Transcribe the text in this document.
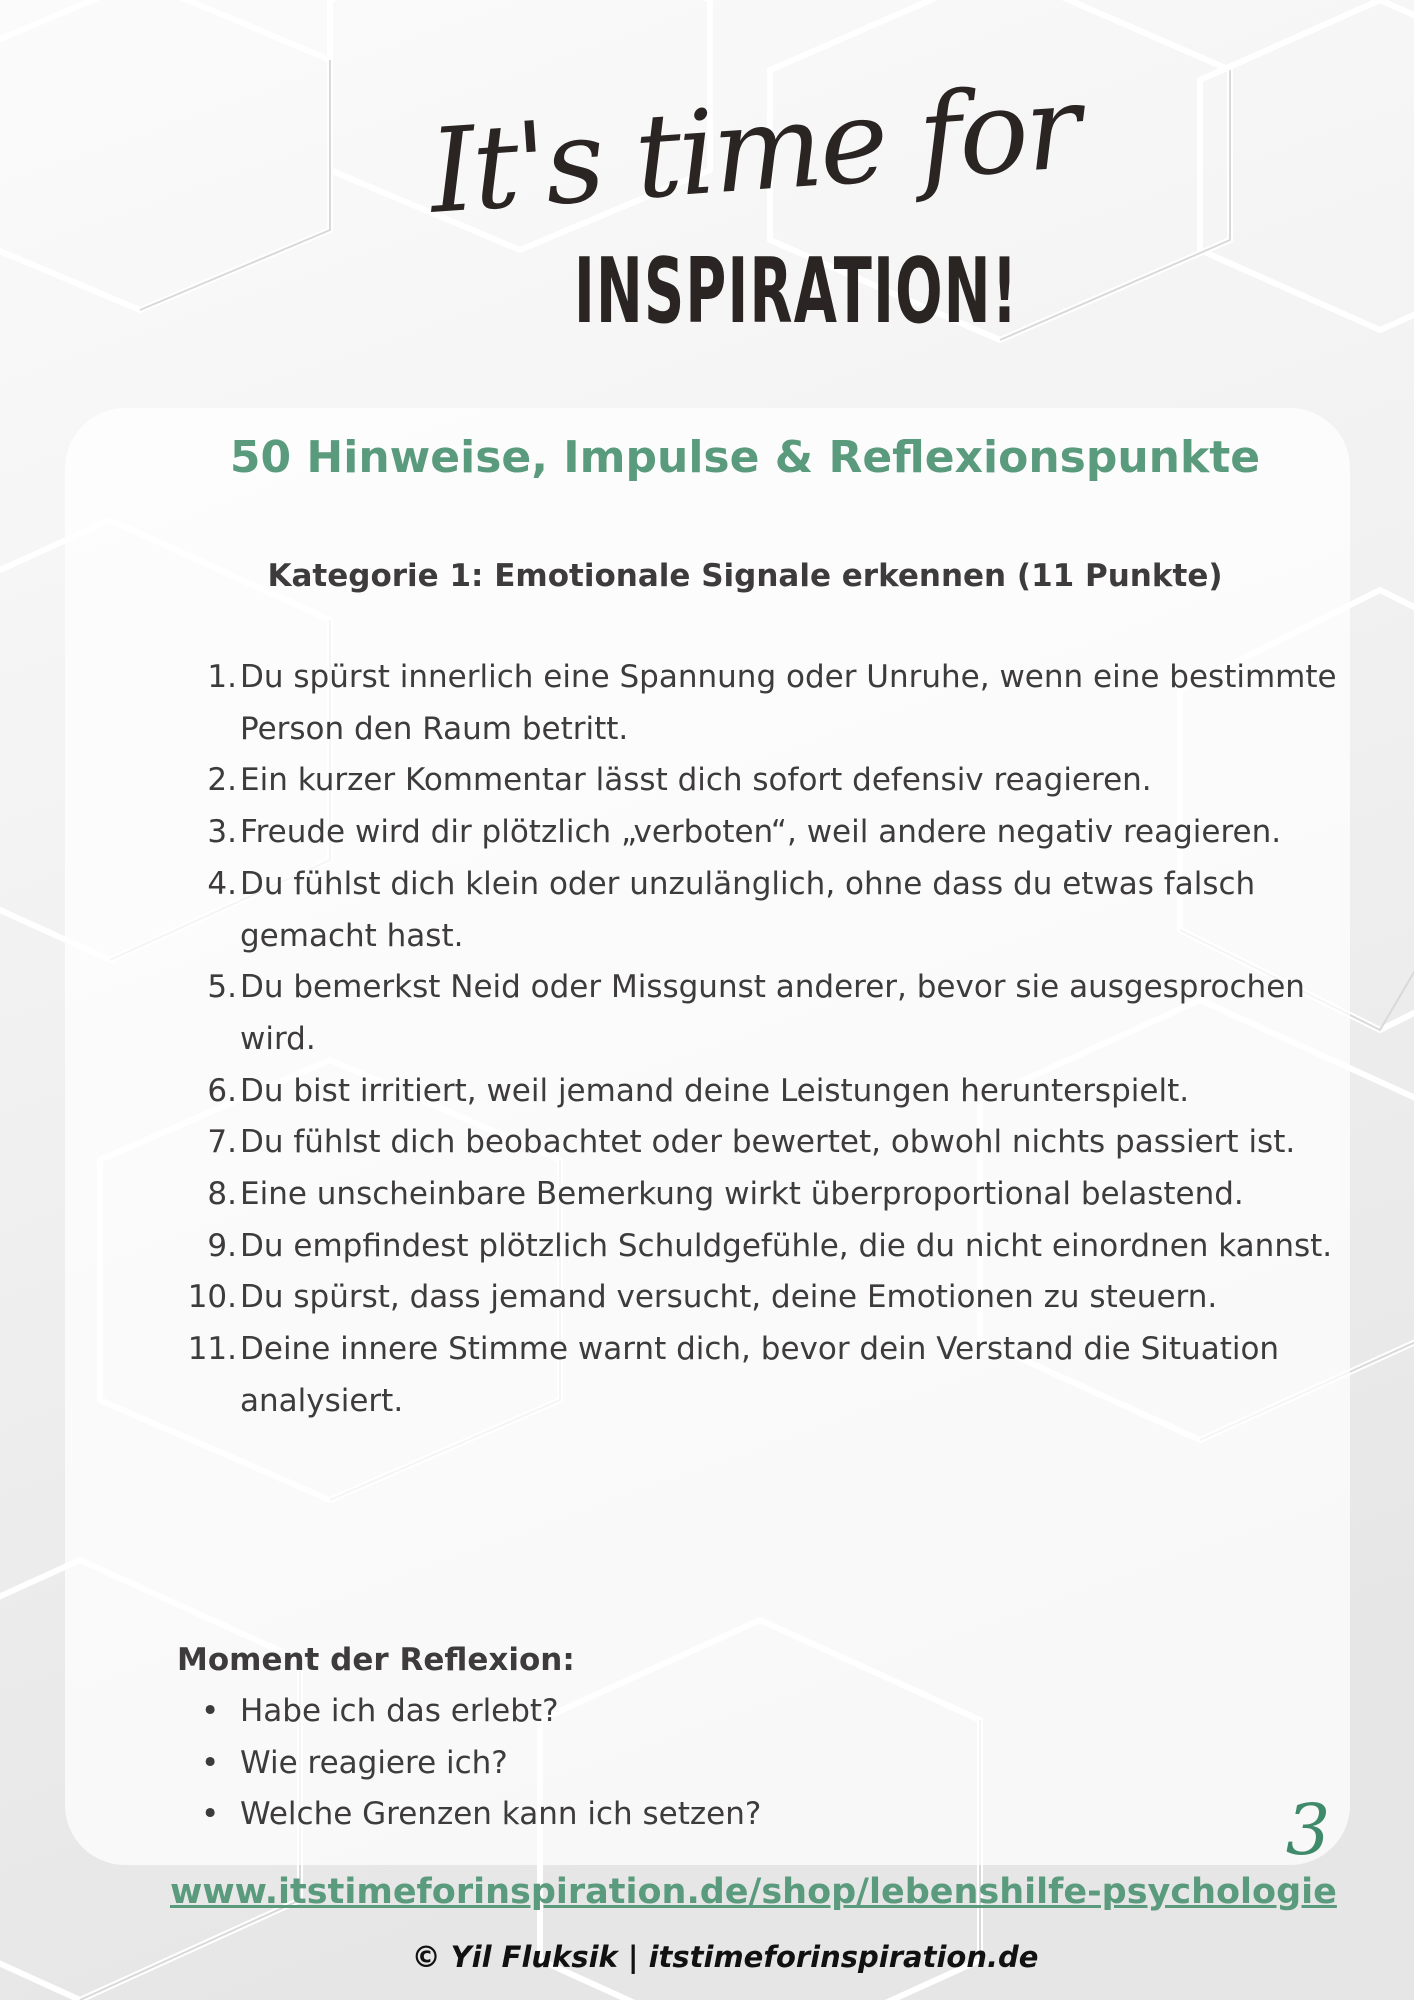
It's time for
INSPIRATION!
50 Hinweise, Impulse & Reflexionspunkte
Kategorie 1: Emotionale Signale erkennen (11 Punkte)
1. Du spürst innerlich eine Spannung oder Unruhe, wenn eine bestimmte Person den Raum betritt.
2. Ein kurzer Kommentar lässt dich sofort defensiv reagieren.
3. Freude wird dir plötzlich „verboten“, weil andere negativ reagieren.
4. Du fühlst dich klein oder unzulänglich, ohne dass du etwas falsch gemacht hast.
5. Du bemerkst Neid oder Missgunst anderer, bevor sie ausgesprochen wird.
6. Du bist irritiert, weil jemand deine Leistungen herunterspielt.
7. Du fühlst dich beobachtet oder bewertet, obwohl nichts passiert ist.
8. Eine unscheinbare Bemerkung wirkt überproportional belastend.
9. Du empfindest plötzlich Schuldgefühle, die du nicht einordnen kannst.
10. Du spürst, dass jemand versucht, deine Emotionen zu steuern.
11. Deine innere Stimme warnt dich, bevor dein Verstand die Situation analysiert.
Moment der Reflexion:
• Habe ich das erlebt?
• Wie reagiere ich?
• Welche Grenzen kann ich setzen?	3
www.itstimeforinspiration.de/shop/lebenshilfe-psychologie
© Yil Fluksik | itstimeforinspiration.de
